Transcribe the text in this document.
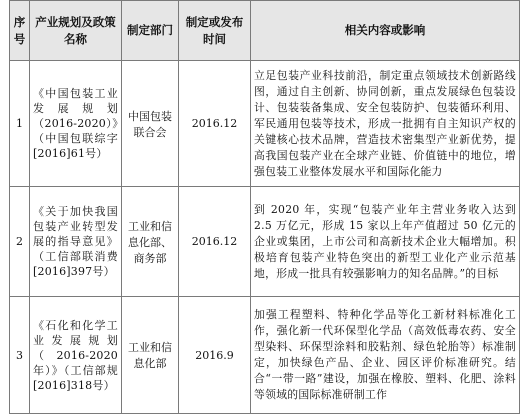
序号	产业规划及政策名称	制定部门	制定或发布时间	相关内容或影响
1	《中国包装工业发展规划（2016-2020）》（中国包联综字[2016]61号）	中国包装联合会	2016.12	立足包装产业科技前沿，制定重点领域技术创新路线图，通过自主创新、协同创新，重点发展绿色包装设计、包装装备集成、安全包装防护、包装循环利用、军民通用包装等技术，形成一批拥有自主知识产权的关键核心技术品牌，营造技术密集型产业新优势，提高我国包装产业在全球产业链、价值链中的地位，增强包装工业整体发展水平和国际化能力
2	《关于加快我国包装产业转型发展的指导意见》（工信部联消费[2016]397号）	工业和信息化部、商务部	2016.12	到 2020 年，实现“包装产业年主营业务收入达到 2.5 万亿元，形成 15 家以上年产值超过 50 亿元的企业或集团，上市公司和高新技术企业大幅增加。积极培育包装产业特色突出的新型工业化产业示范基地，形成一批具有较强影响力的知名品牌。”的目标
3	《石化和化学工业发展规划（2016-2020年）》（工信部规[2016]318号）	工业和信息化部	2016.9	加强工程塑料、特种化学品等化工新材料标准化工作，强化新一代环保型化学品（高效低毒农药、安全型染料、环保型涂料和胶粘剂、绿色轮胎等）标准制定，加快绿色产品、企业、园区评价标准研究。结合“一带一路”建设，加强在橡胶、塑料、化肥、涂料等领域的国际标准研制工作
